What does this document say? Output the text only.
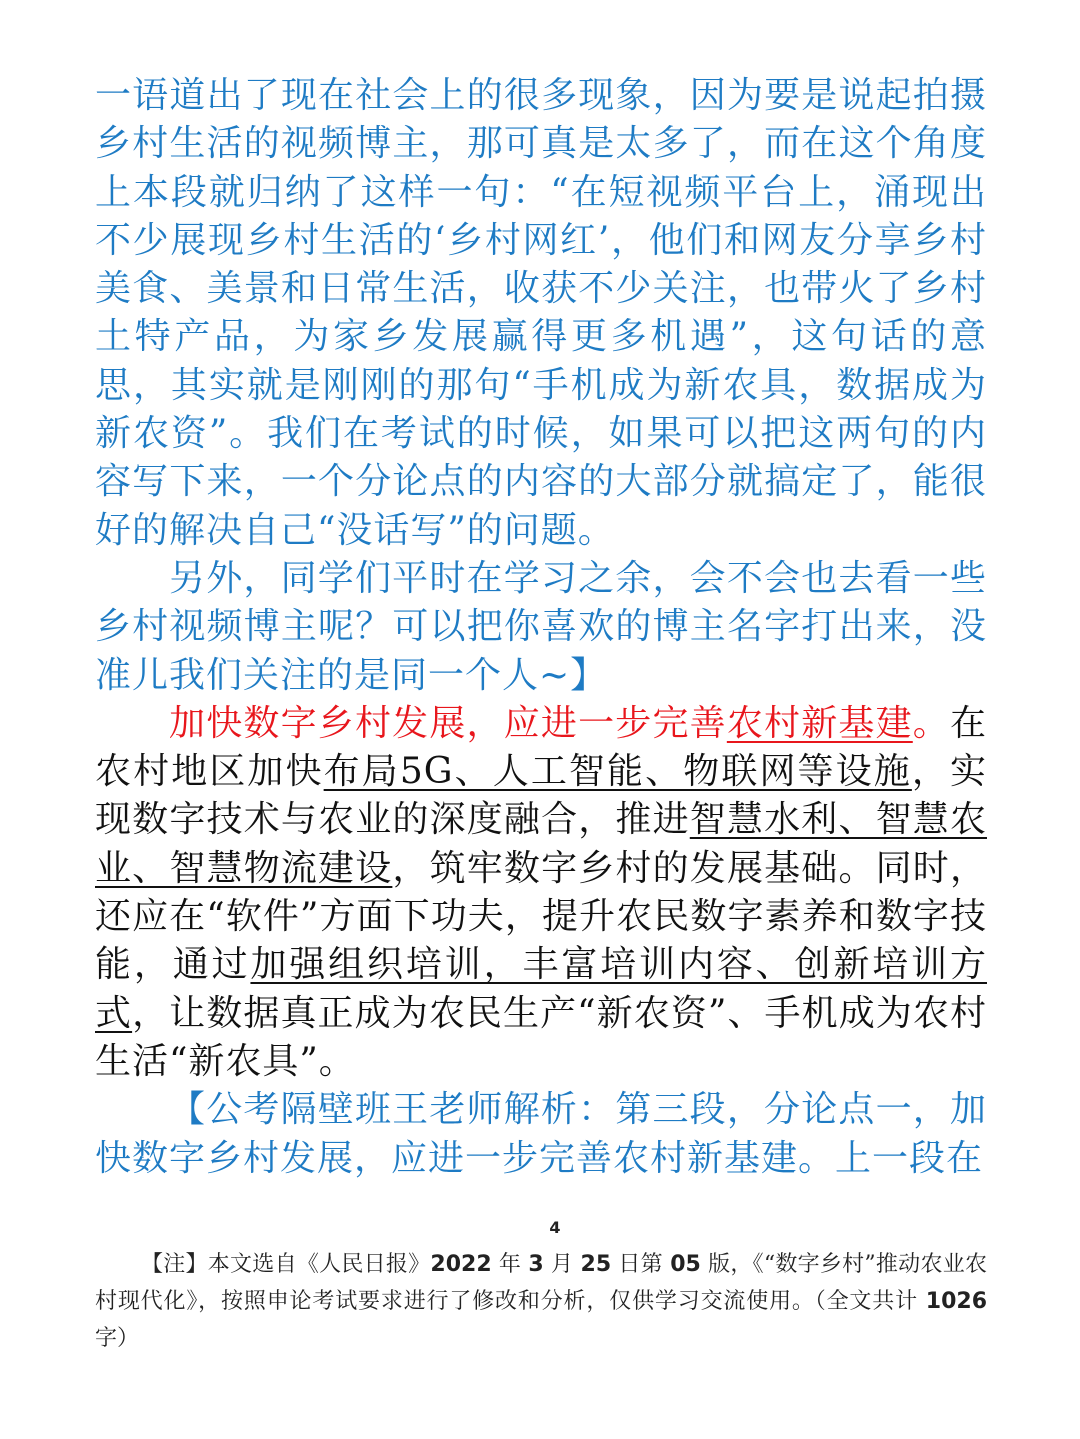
一语道出了现在社会上的很多现象，因为要是说起拍摄乡村生活的视频博主，那可真是太多了，而在这个角度上本段就归纳了这样一句：“在短视频平台上，涌现出不少展现乡村生活的‘乡村网红’，他们和网友分享乡村美食、美景和日常生活，收获不少关注，也带火了乡村土特产品，为家乡发展赢得更多机遇”，这句话的意思，其实就是刚刚的那句“手机成为新农具，数据成为新农资”。我们在考试的时候，如果可以把这两句的内容写下来，一个分论点的内容的大部分就搞定了，能很好的解决自己“没话写”的问题。

另外，同学们平时在学习之余，会不会也去看一些乡村视频博主呢？可以把你喜欢的博主名字打出来，没准儿我们关注的是同一个人~】

加快数字乡村发展，应进一步完善农村新基建。在农村地区加快布局5G、人工智能、物联网等设施，实现数字技术与农业的深度融合，推进智慧水利、智慧农业、智慧物流建设，筑牢数字乡村的发展基础。同时，还应在“软件”方面下功夫，提升农民数字素养和数字技能，通过加强组织培训，丰富培训内容、创新培训方式，让数据真正成为农民生产“新农资”、手机成为农村生活“新农具”。

【公考隔壁班王老师解析：第三段，分论点一，加快数字乡村发展，应进一步完善农村新基建。上一段在

4

【注】本文选自《人民日报》2022 年 3 月 25 日第 05 版，《“数字乡村”推动农业农村现代化》，按照申论考试要求进行了修改和分析，仅供学习交流使用。（全文共计 1026 字）
